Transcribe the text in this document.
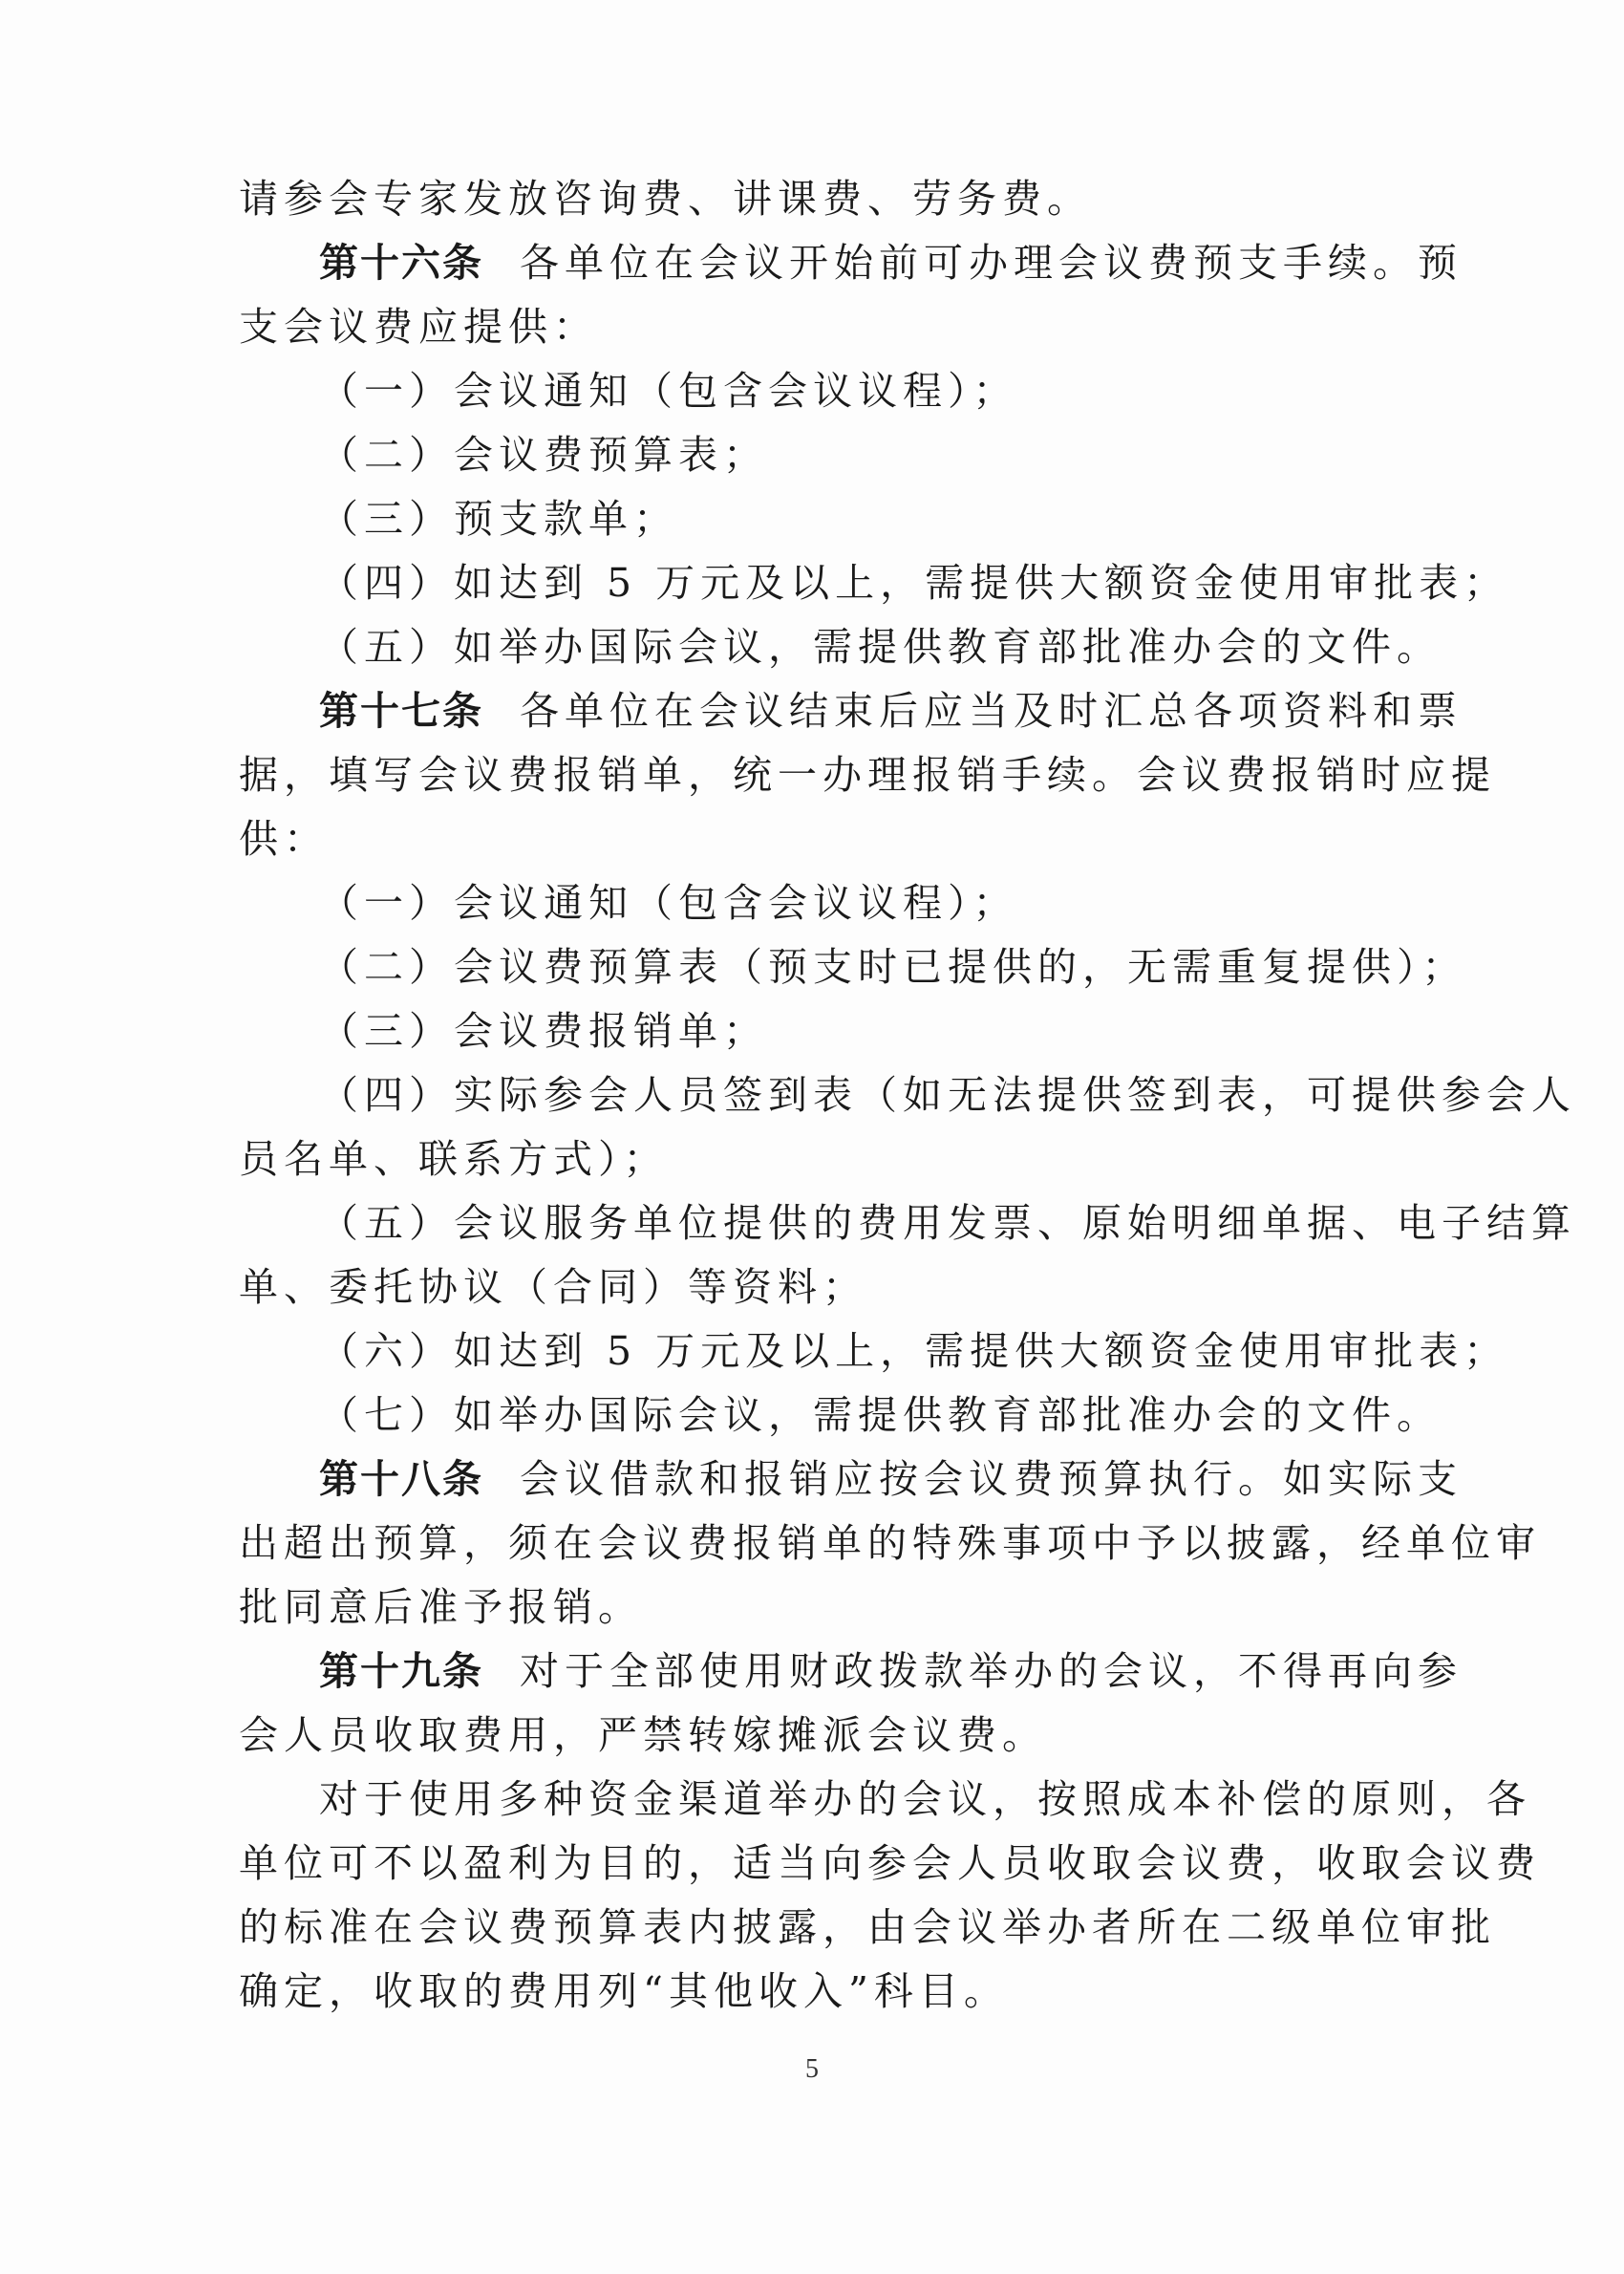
请参会专家发放咨询费、讲课费、劳务费。
第十六条 各单位在会议开始前可办理会议费预支手续。预
支会议费应提供：
（一）会议通知（包含会议议程）；
（二）会议费预算表；
（三）预支款单；
（四）如达到 5 万元及以上，需提供大额资金使用审批表；
（五）如举办国际会议，需提供教育部批准办会的文件。
第十七条 各单位在会议结束后应当及时汇总各项资料和票
据，填写会议费报销单，统一办理报销手续。会议费报销时应提
供：
（一）会议通知（包含会议议程）；
（二）会议费预算表（预支时已提供的，无需重复提供）；
（三）会议费报销单；
（四）实际参会人员签到表（如无法提供签到表，可提供参会人
员名单、联系方式）；
（五）会议服务单位提供的费用发票、原始明细单据、电子结算
单、委托协议（合同）等资料；
（六）如达到 5 万元及以上，需提供大额资金使用审批表；
（七）如举办国际会议，需提供教育部批准办会的文件。
第十八条 会议借款和报销应按会议费预算执行。如实际支
出超出预算，须在会议费报销单的特殊事项中予以披露，经单位审
批同意后准予报销。
第十九条 对于全部使用财政拨款举办的会议，不得再向参
会人员收取费用，严禁转嫁摊派会议费。
对于使用多种资金渠道举办的会议，按照成本补偿的原则，各
单位可不以盈利为目的，适当向参会人员收取会议费，收取会议费
的标准在会议费预算表内披露，由会议举办者所在二级单位审批
确定，收取的费用列“其他收入”科目。
5
